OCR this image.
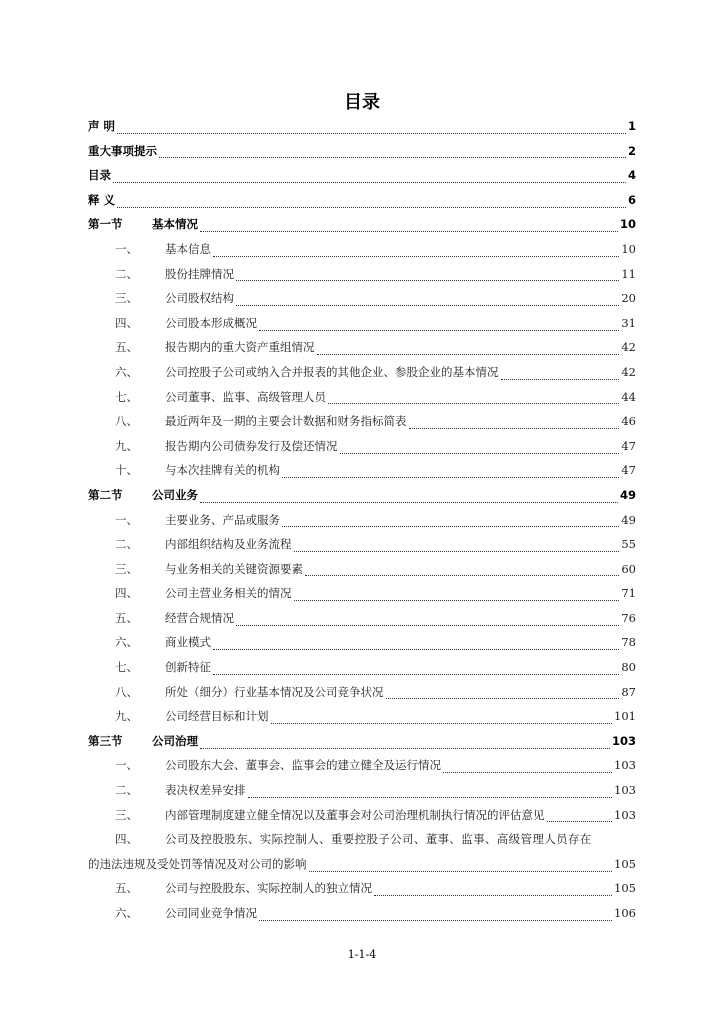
目录
声 明	1
重大事项提示	2
目录	4
释 义	6
第一节	基本情况	10
一、	基本信息	10
二、	股份挂牌情况	11
三、	公司股权结构	20
四、	公司股本形成概况	31
五、	报告期内的重大资产重组情况	42
六、	公司控股子公司或纳入合并报表的其他企业、参股企业的基本情况	42
七、	公司董事、监事、高级管理人员	44
八、	最近两年及一期的主要会计数据和财务指标简表	46
九、	报告期内公司债券发行及偿还情况	47
十、	与本次挂牌有关的机构	47
第二节	公司业务	49
一、	主要业务、产品或服务	49
二、	内部组织结构及业务流程	55
三、	与业务相关的关键资源要素	60
四、	公司主营业务相关的情况	71
五、	经营合规情况	76
六、	商业模式	78
七、	创新特征	80
八、	所处（细分）行业基本情况及公司竞争状况	87
九、	公司经营目标和计划	101
第三节	公司治理	103
一、	公司股东大会、董事会、监事会的建立健全及运行情况	103
二、	表决权差异安排	103
三、	内部管理制度建立健全情况以及董事会对公司治理机制执行情况的评估意见	103
四、	公司及控股股东、实际控制人、重要控股子公司、董事、监事、高级管理人员存在
的违法违规及受处罚等情况及对公司的影响	105
五、	公司与控股股东、实际控制人的独立情况	105
六、	公司同业竞争情况	106
1-1-4
